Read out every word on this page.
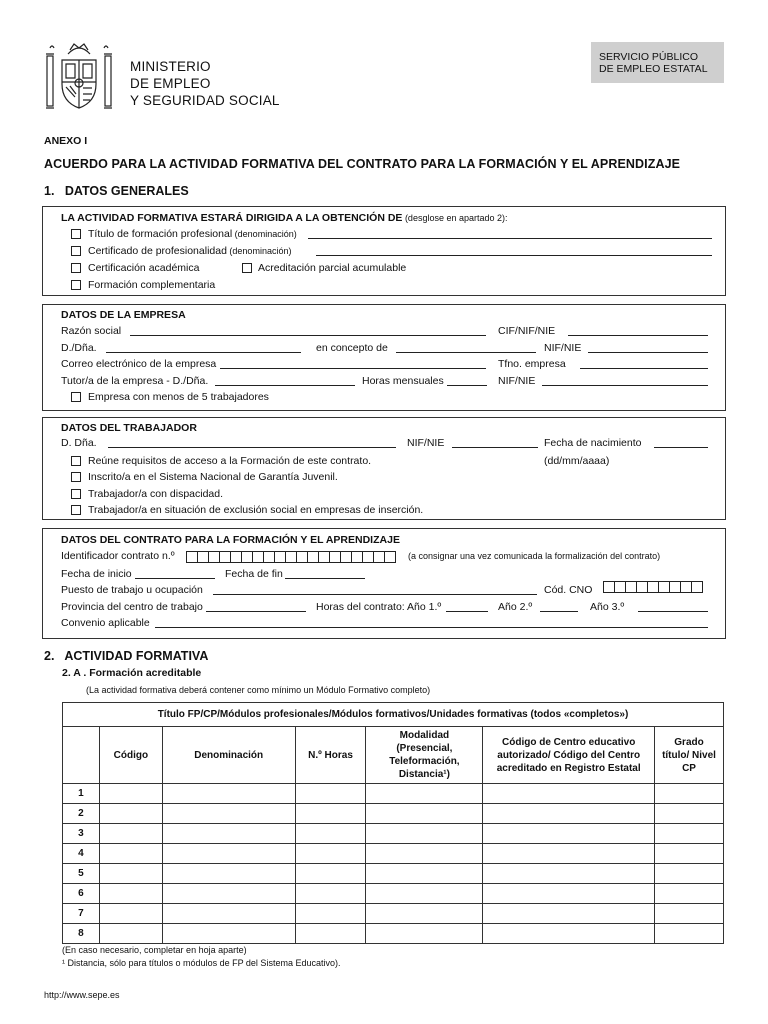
MINISTERIO
DE EMPLEO
Y SEGURIDAD SOCIAL
SERVICIO PÚBLICO
DE EMPLEO ESTATAL
ANEXO I
ACUERDO PARA LA ACTIVIDAD FORMATIVA DEL CONTRATO PARA LA FORMACIÓN Y EL APRENDIZAJE
1.   DATOS GENERALES
LA ACTIVIDAD FORMATIVA ESTARÁ DIRIGIDA A LA OBTENCIÓN DE (desglose en apartado 2):
Título de formación profesional (denominación)
Certificado de profesionalidad (denominación)
Certificación académica	Acreditación parcial acumulable
Formación complementaria
DATOS DE LA EMPRESA
Razón social	CIF/NIF/NIE
D./Dña.	en concepto de	NIF/NIE
Correo electrónico de la empresa	Tfno. empresa
Tutor/a de la empresa - D./Dña.	Horas mensuales	NIF/NIE
Empresa con menos de 5 trabajadores
DATOS DEL TRABAJADOR
D. Dña.	NIF/NIE	Fecha de nacimiento
Reúne requisitos de acceso a la Formación de este contrato.	(dd/mm/aaaa)
Inscrito/a en el Sistema Nacional de Garantía Juvenil.
Trabajador/a con dispacidad.
Trabajador/a en situación de exclusión social en empresas de inserción.
DATOS DEL CONTRATO PARA LA FORMACIÓN Y EL APRENDIZAJE
Identificador contrato n.º	(a consignar una vez comunicada la formalización del contrato)
Fecha de inicio	Fecha de fin
Puesto de trabajo u ocupación	Cód. CNO
Provincia del centro de trabajo	Horas del contrato: Año 1.º	Año 2.º	Año 3.º
Convenio aplicable
2.   ACTIVIDAD FORMATIVA
2. A . Formación acreditable
(La actividad formativa deberá contener como mínimo un Módulo Formativo completo)
Título FP/CP/Módulos profesionales/Módulos formativos/Unidades formativas (todos «completos»)						
	Código	Denominación	N.º Horas	Modalidad (Presencial, Teleformación, Distancia¹)	Código de Centro educativo autorizado/ Código del Centro acreditado en Registro Estatal	Grado título/ Nivel CP
1						
2						
3						
4						
5						
6						
7						
8						
(En caso necesario, completar en hoja aparte)
¹ Distancia, sólo para títulos o módulos de FP del Sistema Educativo).
http://www.sepe.es
